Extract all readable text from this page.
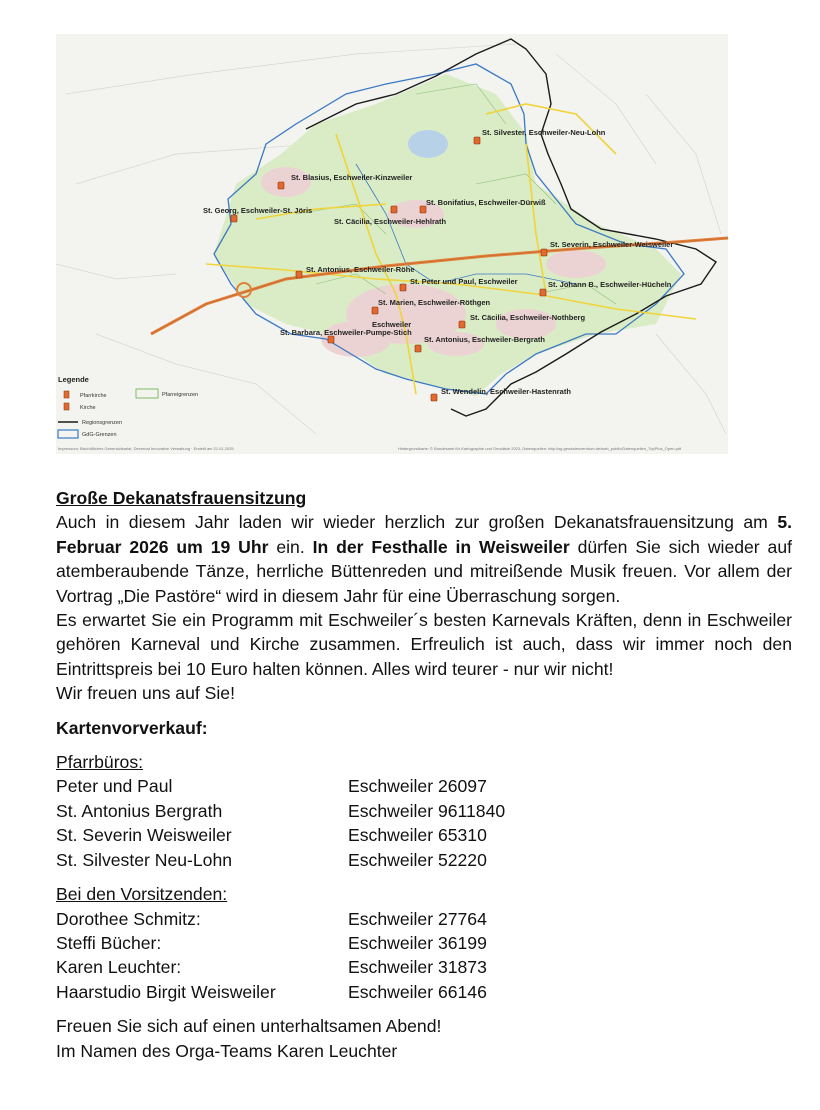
St. Silvester, Eschweiler-Neu-Lohn
St. Blasius, Eschweiler-Kinzweiler
St. Bonifatius, Eschweiler-Dürwiß
St. Georg, Eschweiler-St. Jöris
St. Cäcilia, Eschweiler-Hehlrath
St. Severin, Eschweiler-Weisweiler
St. Antonius, Eschweiler-Röhe
St. Peter und Paul, Eschweiler	St. Johann B., Eschweiler-Hücheln
St. Marien, Eschweiler-Röthgen
St. Cäcilia, Eschweiler-Nothberg
Eschweiler
St. Barbara, Eschweiler-Pumpe-Stich
St. Antonius, Eschweiler-Bergrath
St. Wendelin, Eschweiler-Hastenrath
Legende
Pfarrkirche
Kirche
Pfarreigrenzen
Regionsgrenzen
GdG-Grenzen
Impressum: Bischöfliches Generalvikariat, Dezernat Innovative Verwaltung · Erstellt am 21.01.2025	Hintergrundkarte: © Bundesamt für Kartographie und Geodäsie 2023, Datenquellen: http://sg.geodatenzentrum.de/web_public/Datenquellen_TopPlus_Open.pdf
Große Dekanatsfrauensitzung
Auch in diesem Jahr laden wir wieder herzlich zur großen Dekanatsfrauensitzung am 5. Februar 2026 um 19 Uhr ein. In der Festhalle in Weisweiler dürfen Sie sich wieder auf atemberaubende Tänze, herrliche Büttenreden und mitreißende Musik freuen. Vor allem der Vortrag „Die Pastöre“ wird in diesem Jahr für eine Überraschung sorgen.
Es erwartet Sie ein Programm mit Eschweiler´s besten Karnevals Kräften, denn in Eschweiler gehören Karneval und Kirche zusammen. Erfreulich ist auch, dass wir immer noch den Eintrittspreis bei 10 Euro halten können. Alles wird teurer - nur wir nicht!
Wir freuen uns auf Sie!
Kartenvorverkauf:
Pfarrbüros:
Peter und Paul	Eschweiler 26097
St. Antonius Bergrath	Eschweiler 9611840
St. Severin Weisweiler	Eschweiler 65310
St. Silvester Neu-Lohn	Eschweiler 52220
Bei den Vorsitzenden:
Dorothee Schmitz:	Eschweiler 27764
Steffi Bücher:	Eschweiler 36199
Karen Leuchter:	Eschweiler 31873
Haarstudio Birgit Weisweiler	Eschweiler 66146
Freuen Sie sich auf einen unterhaltsamen Abend!
Im Namen des Orga-Teams Karen Leuchter
